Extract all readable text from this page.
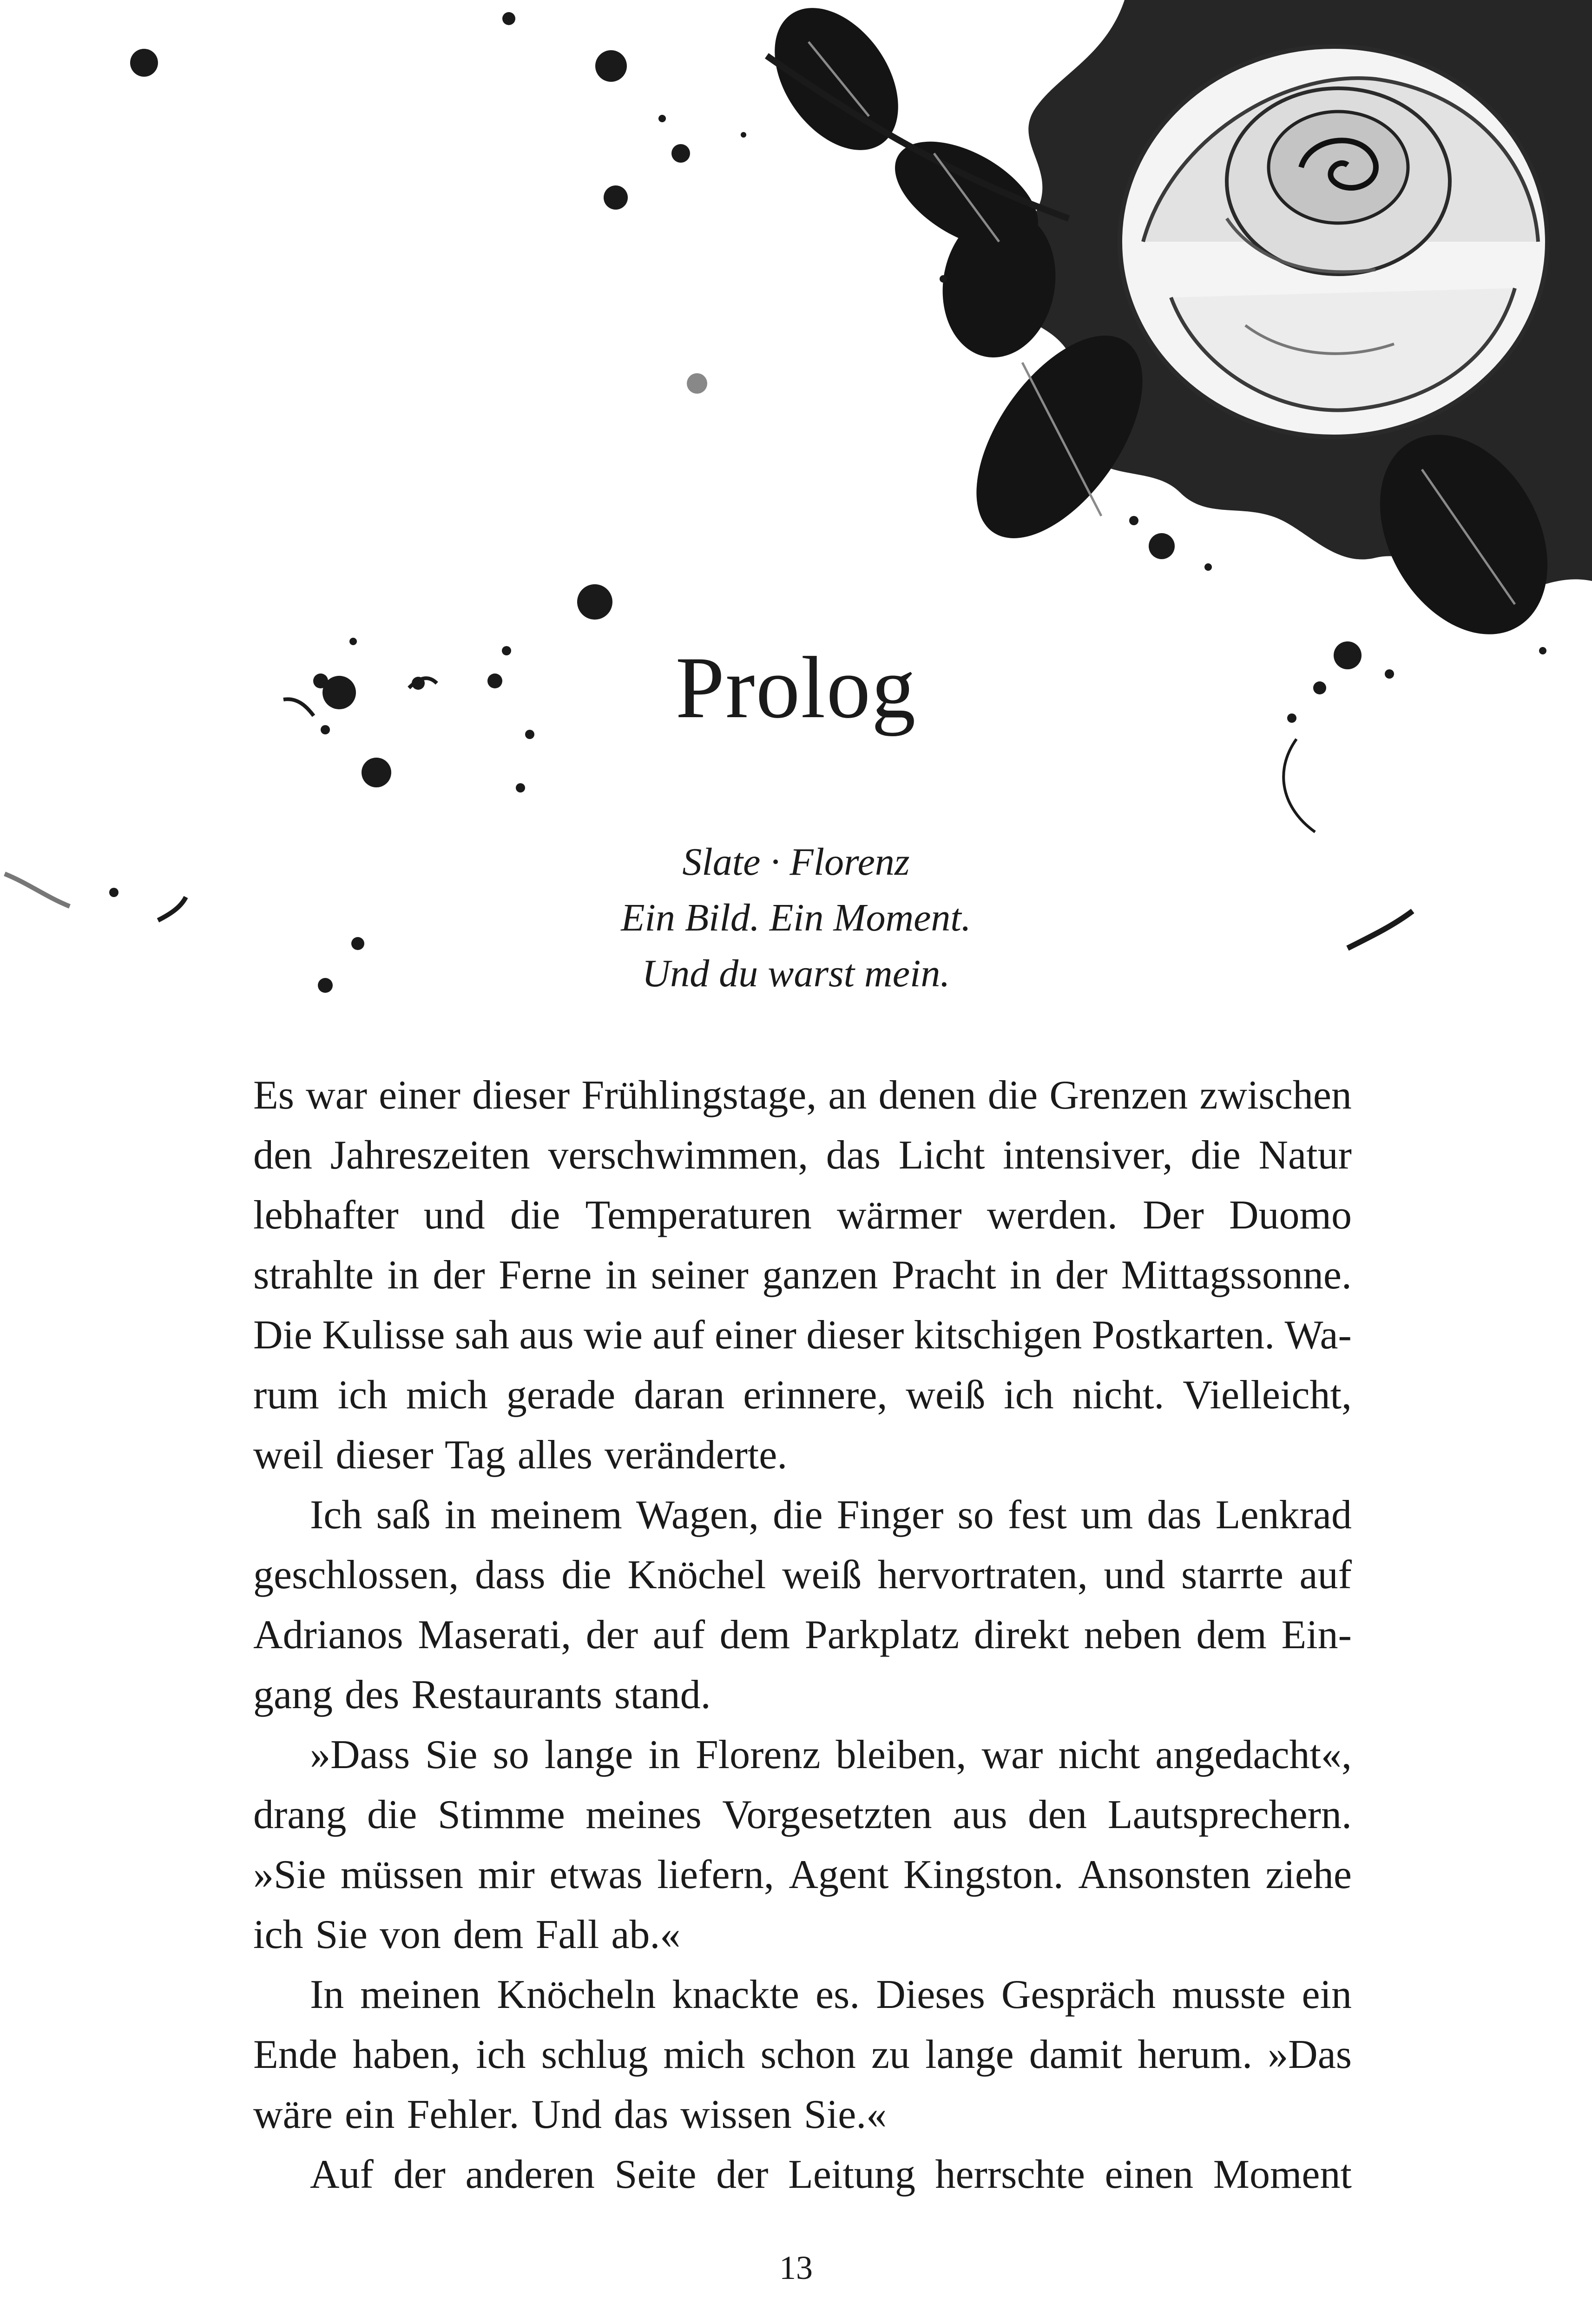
Prolog
Slate · Florenz
Ein Bild. Ein Moment.
Und du warst mein.
Es war einer dieser Frühlingstage, an denen die Grenzen zwischen
den Jahreszeiten verschwimmen, das Licht intensiver, die Natur
lebhafter und die Temperaturen wärmer werden. Der Duomo
strahlte in der Ferne in seiner ganzen Pracht in der Mittagssonne.
Die Kulisse sah aus wie auf einer dieser kitschigen Postkarten. Wa-
rum ich mich gerade daran erinnere, weiß ich nicht. Vielleicht,
weil dieser Tag alles veränderte.
Ich saß in meinem Wagen, die Finger so fest um das Lenkrad
geschlossen, dass die Knöchel weiß hervortraten, und starrte auf
Adrianos Maserati, der auf dem Parkplatz direkt neben dem Ein-
gang des Restaurants stand.
»Dass Sie so lange in Florenz bleiben, war nicht angedacht«,
drang die Stimme meines Vorgesetzten aus den Lautsprechern.
»Sie müssen mir etwas liefern, Agent Kingston. Ansonsten ziehe
ich Sie von dem Fall ab.«
In meinen Knöcheln knackte es. Dieses Gespräch musste ein
Ende haben, ich schlug mich schon zu lange damit herum. »Das
wäre ein Fehler. Und das wissen Sie.«
Auf der anderen Seite der Leitung herrschte einen Moment
13
